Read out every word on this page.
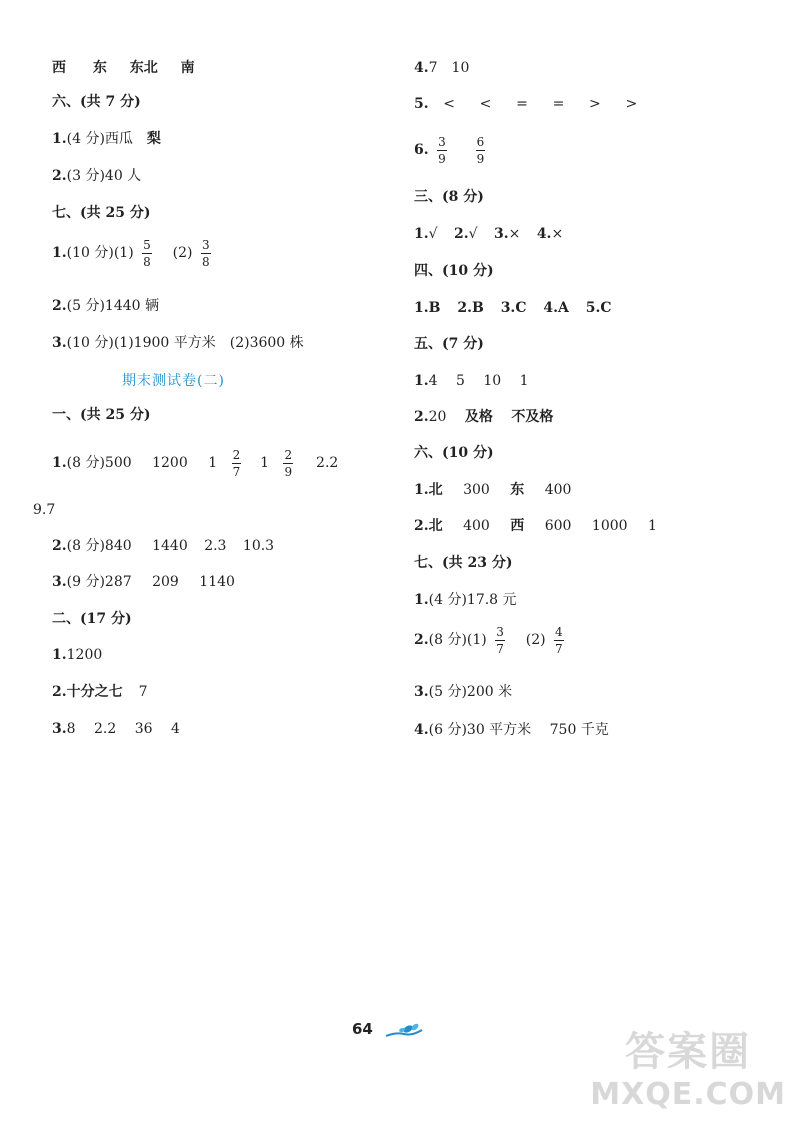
西 东 东北 南
六、(共 7 分)
1.(4 分)西瓜 梨
2.(3 分)40 人
七、(共 25 分)
1.(10 分)$(1) \frac{5}{8} (2) \frac{3}{8}$
2.(5 分)1440 辆
3.(10 分)(1)1900 平方米 (2)3600 株
期末测试卷(二)
一、(共 25 分)
1.(8 分)500 1200 $1 \frac{2}{7} 1 \frac{2}{9} 2.2$
9.7
2.(8 分)840 1440 2.3 10.3
3.(9 分)287 209 1140
二、(17 分)
1.1200
2.十分之七 7
3.8 2.2 36 4
4.7 10
5. < < = = > >
6. $\frac{3}{9}$
$\frac{6}{9}$
三、(8 分)
1.√ 2.√ 3.× 4.×
四、(10 分)
1.B 2.B 3.C 4.A 5.C
五、(7 分)
1.4 5 10 1
2.20 及格 不及格
六、(10 分)
1.北 300 东 400
2.北 400 西 600 1000 1
七、(共 23 分)
1.(4 分)17.8 元
2.(8 分)$(1) \frac{3}{7} (2) \frac{4}{7}$
3.(5 分)200 米
4.(6 分)30 平方米 750 千克
64	答案圈
MXQE.COM
